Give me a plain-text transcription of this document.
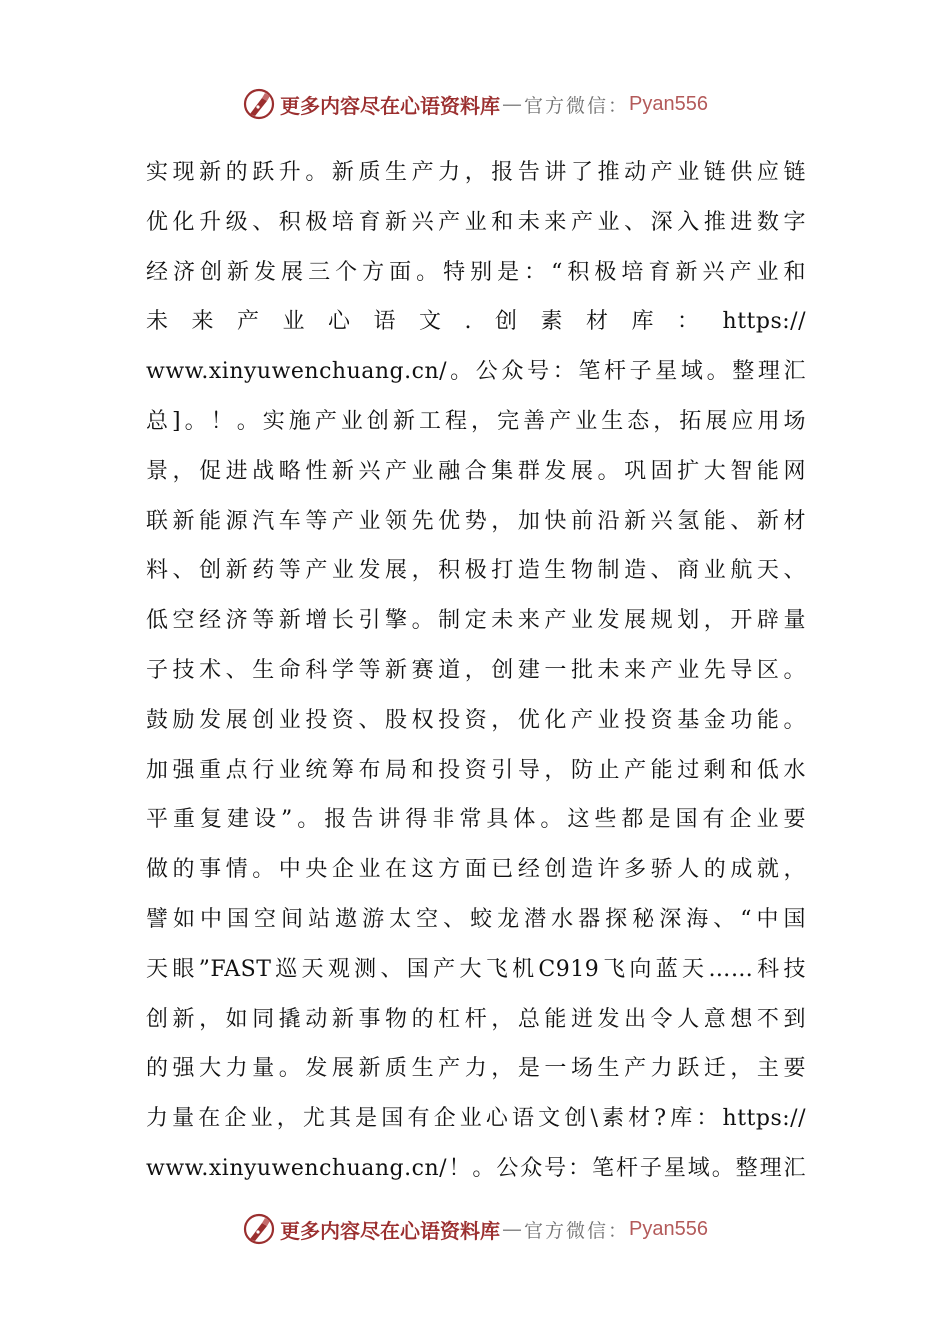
更多内容尽在心语资料库 — 官方微信： Pyan556
实现新的跃升。新质生产力，报告讲了推动产业链供应链
优化升级、积极培育新兴产业和未来产业、深入推进数字
经济创新发展三个方面。特别是：“积极培育新兴产业和
未来产业心语文.创素材库：https://
www.xinyuwenchuang.cn/。公众号：笔杆子星域。整理汇
总]。！。实施产业创新工程，完善产业生态，拓展应用场
景，促进战略性新兴产业融合集群发展。巩固扩大智能网
联新能源汽车等产业领先优势，加快前沿新兴氢能、新材
料、创新药等产业发展，积极打造生物制造、商业航天、
低空经济等新增长引擎。制定未来产业发展规划，开辟量
子技术、生命科学等新赛道，创建一批未来产业先导区。
鼓励发展创业投资、股权投资，优化产业投资基金功能。
加强重点行业统筹布局和投资引导，防止产能过剩和低水
平重复建设”。报告讲得非常具体。这些都是国有企业要
做的事情。中央企业在这方面已经创造许多骄人的成就，
譬如中国空间站遨游太空、蛟龙潜水器探秘深海、“中国
天眼”FAST巡天观测、国产大飞机C919飞向蓝天……科技
创新，如同撬动新事物的杠杆，总能迸发出令人意想不到
的强大力量。发展新质生产力，是一场生产力跃迁，主要
力量在企业，尤其是国有企业心语文创\素材?库：https://
www.xinyuwenchuang.cn/！。公众号：笔杆子星域。整理汇
更多内容尽在心语资料库 — 官方微信： Pyan556
